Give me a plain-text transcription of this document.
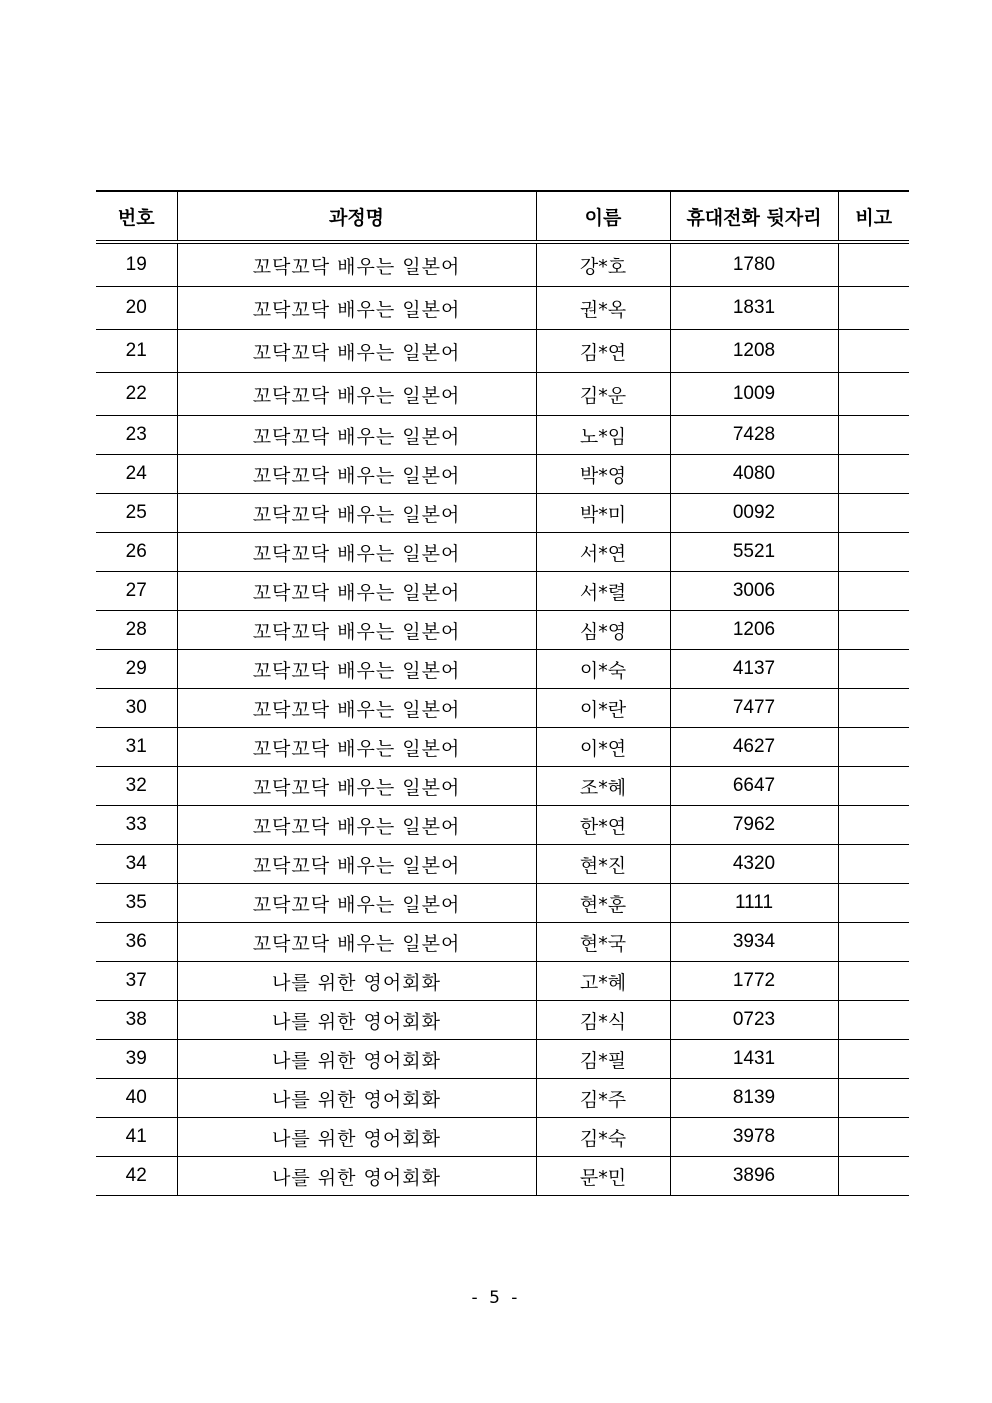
번호	과정명	이름	휴대전화 뒷자리	비고
19	꼬닥꼬닥 배우는 일본어	강*호	1780	
20	꼬닥꼬닥 배우는 일본어	권*옥	1831	
21	꼬닥꼬닥 배우는 일본어	김*연	1208	
22	꼬닥꼬닥 배우는 일본어	김*운	1009	
23	꼬닥꼬닥 배우는 일본어	노*임	7428	
24	꼬닥꼬닥 배우는 일본어	박*영	4080	
25	꼬닥꼬닥 배우는 일본어	박*미	0092	
26	꼬닥꼬닥 배우는 일본어	서*연	5521	
27	꼬닥꼬닥 배우는 일본어	서*렬	3006	
28	꼬닥꼬닥 배우는 일본어	심*영	1206	
29	꼬닥꼬닥 배우는 일본어	이*숙	4137	
30	꼬닥꼬닥 배우는 일본어	이*란	7477	
31	꼬닥꼬닥 배우는 일본어	이*연	4627	
32	꼬닥꼬닥 배우는 일본어	조*혜	6647	
33	꼬닥꼬닥 배우는 일본어	한*연	7962	
34	꼬닥꼬닥 배우는 일본어	현*진	4320	
35	꼬닥꼬닥 배우는 일본어	현*훈	1111	
36	꼬닥꼬닥 배우는 일본어	현*국	3934	
37	나를 위한 영어회화	고*혜	1772	
38	나를 위한 영어회화	김*식	0723	
39	나를 위한 영어회화	김*필	1431	
40	나를 위한 영어회화	김*주	8139	
41	나를 위한 영어회화	김*숙	3978	
42	나를 위한 영어회화	문*민	3896	
- 5 -
